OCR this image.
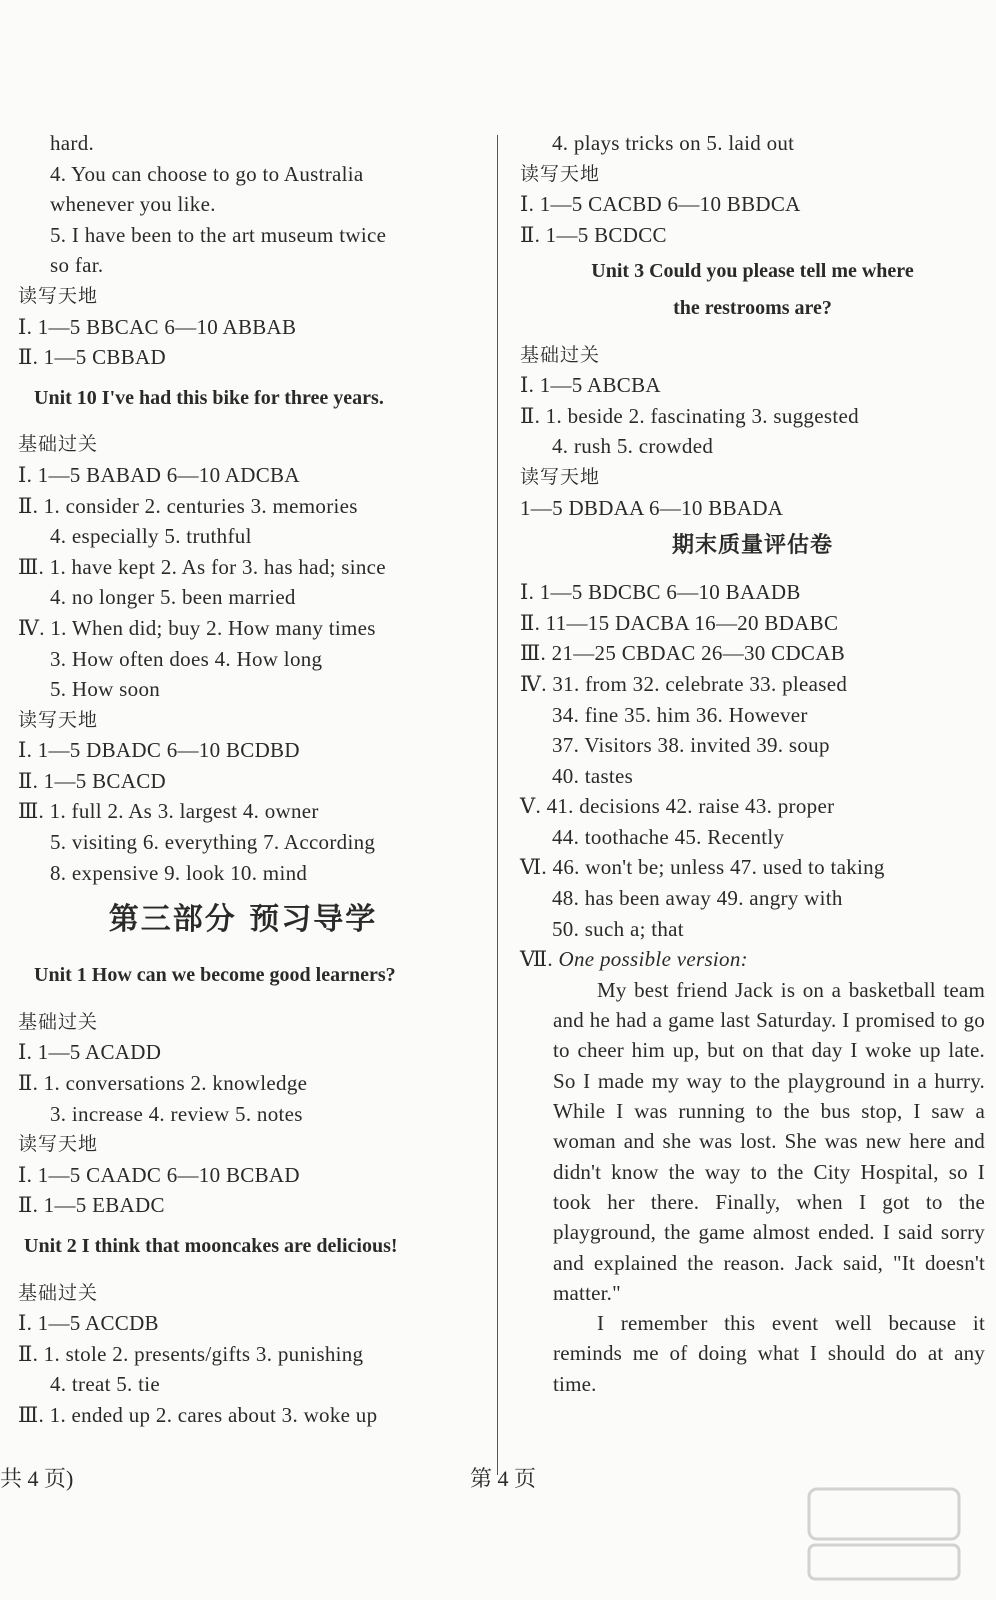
hard.
4. You can choose to go to Australia
whenever you like.
5. I have been to the art museum twice
so far.
读写天地
Ⅰ. 1—5 BBCAC 6—10 ABBAB
Ⅱ. 1—5 CBBAD
Unit 10 I've had this bike for three years.
基础过关
Ⅰ. 1—5 BABAD 6—10 ADCBA
Ⅱ. 1. consider 2. centuries 3. memories
4. especially 5. truthful
Ⅲ. 1. have kept 2. As for 3. has had; since
4. no longer 5. been married
Ⅳ. 1. When did; buy 2. How many times
3. How often does 4. How long
5. How soon
读写天地
Ⅰ. 1—5 DBADC 6—10 BCDBD
Ⅱ. 1—5 BCACD
Ⅲ. 1. full 2. As 3. largest 4. owner
5. visiting 6. everything 7. According
8. expensive 9. look 10. mind
第三部分 预习导学
Unit 1 How can we become good learners?
基础过关
Ⅰ. 1—5 ACADD
Ⅱ. 1. conversations 2. knowledge
3. increase 4. review 5. notes
读写天地
Ⅰ. 1—5 CAADC 6—10 BCBAD
Ⅱ. 1—5 EBADC
Unit 2 I think that mooncakes are delicious!
基础过关
Ⅰ. 1—5 ACCDB
Ⅱ. 1. stole 2. presents/gifts 3. punishing
4. treat 5. tie
Ⅲ. 1. ended up 2. cares about 3. woke up
4. plays tricks on 5. laid out
读写天地
Ⅰ. 1—5 CACBD 6—10 BBDCA
Ⅱ. 1—5 BCDCC
Unit 3 Could you please tell me where
the restrooms are?
基础过关
Ⅰ. 1—5 ABCBA
Ⅱ. 1. beside 2. fascinating 3. suggested
4. rush 5. crowded
读写天地
1—5 DBDAA 6—10 BBADA
期末质量评估卷
Ⅰ. 1—5 BDCBC 6—10 BAADB
Ⅱ. 11—15 DACBA 16—20 BDABC
Ⅲ. 21—25 CBDAC 26—30 CDCAB
Ⅳ. 31. from 32. celebrate 33. pleased
34. fine 35. him 36. However
37. Visitors 38. invited 39. soup
40. tastes
Ⅴ. 41. decisions 42. raise 43. proper
44. toothache 45. Recently
Ⅵ. 46. won't be; unless 47. used to taking
48. has been away 49. angry with
50. such a; that
Ⅶ. One possible version:

My best friend Jack is on a basketball team and he had a game last Saturday. I promised to go to cheer him up, but on that day I woke up late. So I made my way to the playground in a hurry. While I was running to the bus stop, I saw a woman and she was lost. She was new here and didn't know the way to the City Hospital, so I took her there. Finally, when I got to the playground, the game almost ended. I said sorry and explained the reason. Jack said, "It doesn't matter."

I remember this event well because it reminds me of doing what I should do at any time.

共 4 页)	第 4 页
